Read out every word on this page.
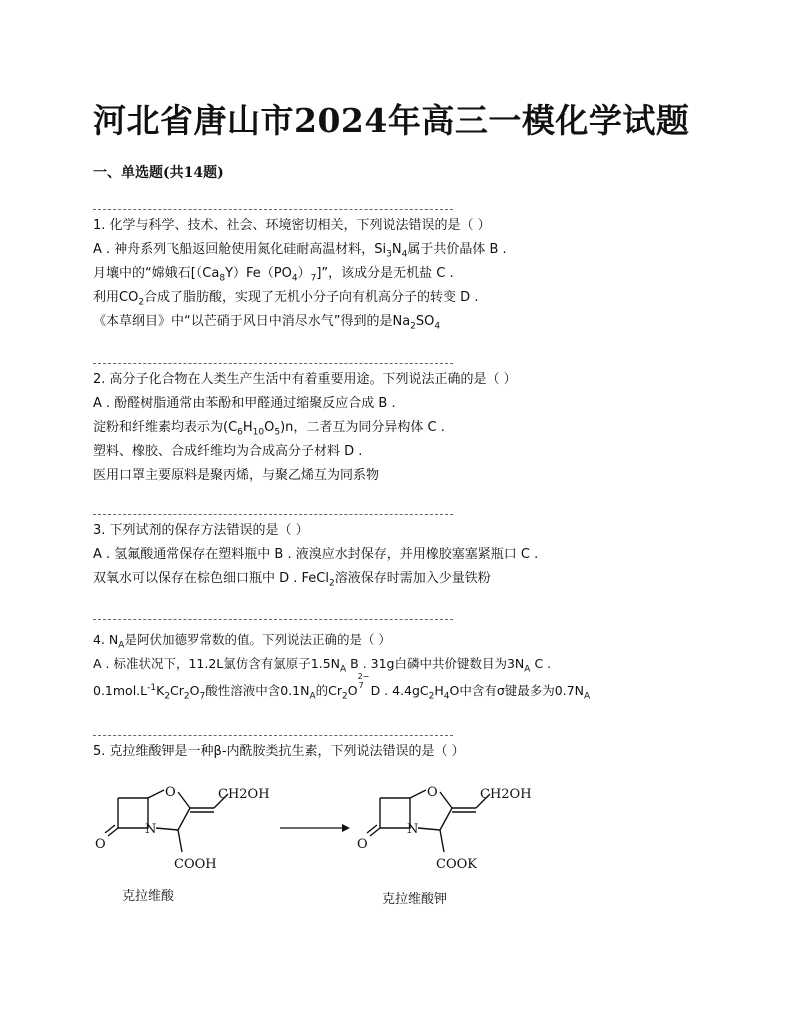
河北省唐山市2024年高三一模化学试题
一、单选题(共14题)
1. 化学与科学、技术、社会、环境密切相关，下列说法错误的是（ ）
A . 神舟系列飞船返回舱使用氮化硅耐高温材料，$Si_3N_4$属于共价晶体 B .
月壤中的“嫦娥石$[(Ca_8Y)Fe(PO_4)_7]$”，该成分是无机盐 C .
利用$CO_2$合成了脂肪酸，实现了无机小分子向有机高分子的转变 D .
《本草纲目》中“以芒硝于风日中消尽水气”得到的是$Na_2SO_4$
2. 高分子化合物在人类生产生活中有着重要用途。下列说法正确的是（ ）
A . 酚醛树脂通常由苯酚和甲醛通过缩聚反应合成 B .
淀粉和纤维素均表示为$(C_6H_{10}O_5)n$，二者互为同分异构体 C .
塑料、橡胶、合成纤维均为合成高分子材料 D .
医用口罩主要原料是聚丙烯，与聚乙烯互为同系物
3. 下列试剂的保存方法错误的是（ ）
A . 氢氟酸通常保存在塑料瓶中 B . 液溴应水封保存，并用橡胶塞塞紧瓶口 C .
双氧水可以保存在棕色细口瓶中 D . FeCl$_2$溶液保存时需加入少量铁粉
4. $N_A$是阿伏加德罗常数的值。下列说法正确的是（ ）
A . 标准状况下，11.2L氯仿含有氯原子$1.5N_A$ B . 31g白磷中共价键数目为$3N_A$ C .
$0.1mol.L^{-1}K_2Cr_2O_7$酸性溶液中含$0.1N_A$的$Cr_2O$
2−
7 D . $4.4gC_2H_4O$中含有σ键最多为$0.7N_A$
5. 克拉维酸钾是一种β-内酰胺类抗生素，下列说法错误的是（ ）
O
N
O
CH2OH
COOH
O
N
O
CH2OH
COOK
克拉维酸	克拉维酸钾
